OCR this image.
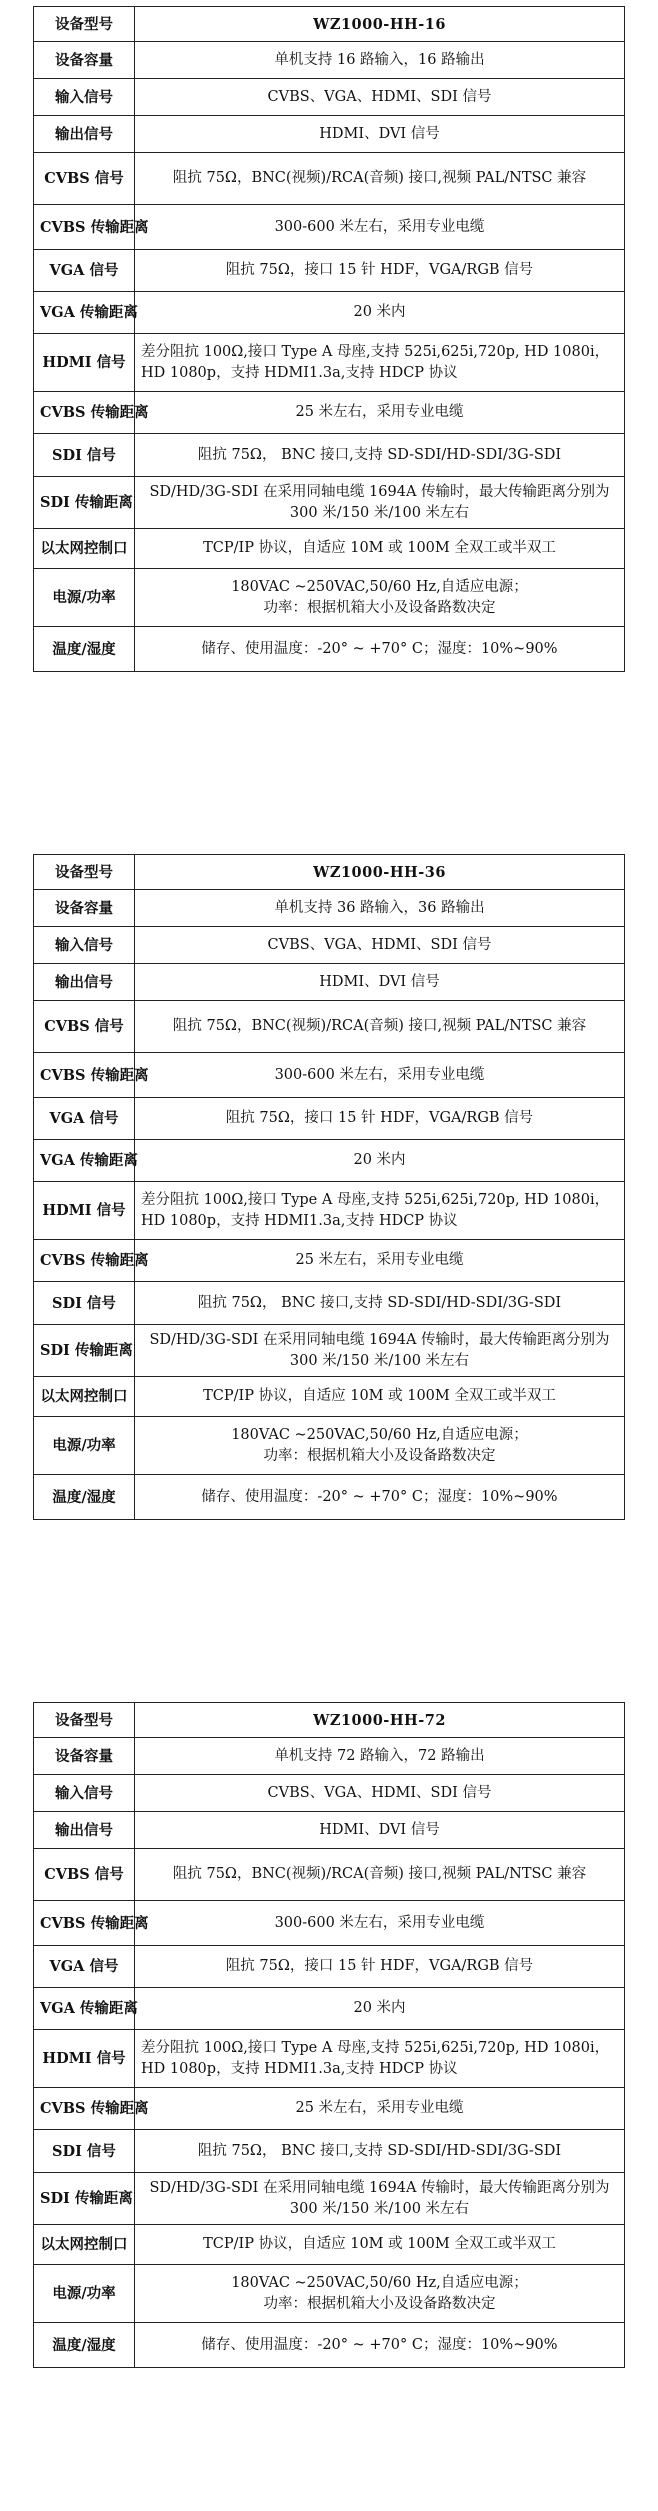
设备型号	WZ1000-HH-16
设备容量	单机支持 16 路输入，16 路输出
输入信号	CVBS、VGA、HDMI、SDI 信号
输出信号	HDMI、DVI 信号
CVBS 信号	阻抗 75Ω，BNC(视频)/RCA(音频) 接口,视频 PAL/NTSC 兼容
CVBS 传输距离	300-600 米左右，采用专业电缆
VGA 信号	阻抗 75Ω，接口 15 针 HDF，VGA/RGB 信号
VGA 传输距离	20 米内
HDMI 信号	差分阻抗 100Ω,接口 Type A 母座,支持 525i,625i,720p, HD 1080i，HD 1080p，支持 HDMI1.3a,支持 HDCP 协议
CVBS 传输距离	25 米左右，采用专业电缆
SDI 信号	阻抗 75Ω， BNC 接口,支持 SD-SDI/HD-SDI/3G-SDI
SDI 传输距离	SD/HD/3G-SDI 在采用同轴电缆 1694A 传输时，最大传输距离分别为 300 米/150 米/100 米左右
以太网控制口	TCP/IP 协议，自适应 10M 或 100M 全双工或半双工
电源/功率	180VAC ~250VAC,50/60 Hz,自适应电源；
功率：根据机箱大小及设备路数决定

温度/湿度	储存、使用温度：-20° ~ +70° C；湿度：10%~90%
设备型号	WZ1000-HH-36
设备容量	单机支持 36 路输入，36 路输出
输入信号	CVBS、VGA、HDMI、SDI 信号
输出信号	HDMI、DVI 信号
CVBS 信号	阻抗 75Ω，BNC(视频)/RCA(音频) 接口,视频 PAL/NTSC 兼容
CVBS 传输距离	300-600 米左右，采用专业电缆
VGA 信号	阻抗 75Ω，接口 15 针 HDF，VGA/RGB 信号
VGA 传输距离	20 米内
HDMI 信号	差分阻抗 100Ω,接口 Type A 母座,支持 525i,625i,720p, HD 1080i，HD 1080p，支持 HDMI1.3a,支持 HDCP 协议
CVBS 传输距离	25 米左右，采用专业电缆
SDI 信号	阻抗 75Ω， BNC 接口,支持 SD-SDI/HD-SDI/3G-SDI
SDI 传输距离	SD/HD/3G-SDI 在采用同轴电缆 1694A 传输时，最大传输距离分别为 300 米/150 米/100 米左右
以太网控制口	TCP/IP 协议，自适应 10M 或 100M 全双工或半双工
电源/功率	180VAC ~250VAC,50/60 Hz,自适应电源；
功率：根据机箱大小及设备路数决定

温度/湿度	储存、使用温度：-20° ~ +70° C；湿度：10%~90%
设备型号	WZ1000-HH-72
设备容量	单机支持 72 路输入，72 路输出
输入信号	CVBS、VGA、HDMI、SDI 信号
输出信号	HDMI、DVI 信号
CVBS 信号	阻抗 75Ω，BNC(视频)/RCA(音频) 接口,视频 PAL/NTSC 兼容
CVBS 传输距离	300-600 米左右，采用专业电缆
VGA 信号	阻抗 75Ω，接口 15 针 HDF，VGA/RGB 信号
VGA 传输距离	20 米内
HDMI 信号	差分阻抗 100Ω,接口 Type A 母座,支持 525i,625i,720p, HD 1080i，HD 1080p，支持 HDMI1.3a,支持 HDCP 协议
CVBS 传输距离	25 米左右，采用专业电缆
SDI 信号	阻抗 75Ω， BNC 接口,支持 SD-SDI/HD-SDI/3G-SDI
SDI 传输距离	SD/HD/3G-SDI 在采用同轴电缆 1694A 传输时，最大传输距离分别为 300 米/150 米/100 米左右
以太网控制口	TCP/IP 协议，自适应 10M 或 100M 全双工或半双工
电源/功率	180VAC ~250VAC,50/60 Hz,自适应电源；
功率：根据机箱大小及设备路数决定

温度/湿度	储存、使用温度：-20° ~ +70° C；湿度：10%~90%
